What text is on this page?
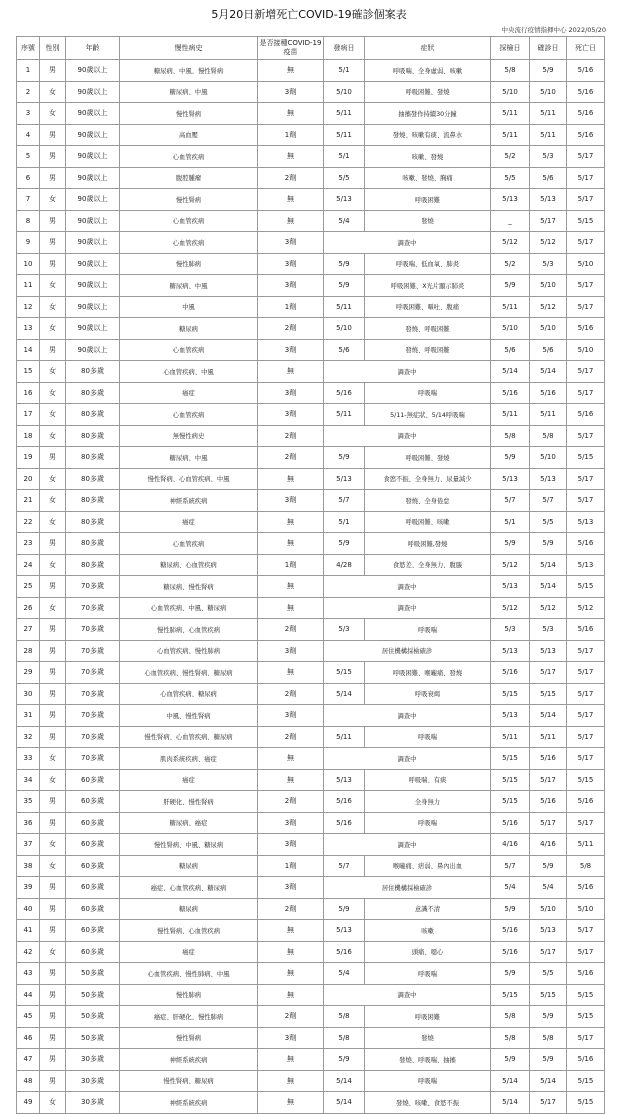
5月20日新增死亡COVID-19確診個案表
中央流行疫情指揮中心 2022/05/20
序號	性別	年齡	慢性病史	是否接種COVID-19疫苗	發病日	症狀	採檢日	確診日	死亡日
1	男	90歲以上	糖尿病、中風、慢性腎病	無	5/1	呼吸喘、全身虛弱、咳嗽	5/8	5/9	5/16
2	女	90歲以上	糖尿病、中風	3劑	5/10	呼吸困難、發燒	5/10	5/10	5/16
3	女	90歲以上	慢性腎病	無	5/11	抽搐發作持續30分鐘	5/11	5/11	5/16
4	男	90歲以上	高血壓	1劑	5/11	發燒、咳嗽有痰、流鼻水	5/11	5/11	5/16
5	男	90歲以上	心血管疾病	無	5/1	咳嗽、發燒	5/2	5/3	5/17
6	男	90歲以上	腹腔腫瘤	2劑	5/5	咳嗽、發燒、胸痛	5/5	5/6	5/17
7	女	90歲以上	慢性腎病	無	5/13	呼吸困難	5/13	5/13	5/17
8	男	90歲以上	心血管疾病	無	5/4	發燒	_	5/17	5/15
9	男	90歲以上	心血管疾病	3劑	調查中		5/12	5/12	5/17
10	男	90歲以上	慢性肺病	3劑	5/9	呼吸喘、低血氧、肺炎	5/2	5/3	5/10
11	女	90歲以上	糖尿病、中風	3劑	5/9	呼吸困難、X光片顯示肺炎	5/9	5/10	5/17
12	女	90歲以上	中風	1劑	5/11	呼吸困難、嘔吐、腹痛	5/11	5/12	5/17
13	女	90歲以上	糖尿病	2劑	5/10	發燒、呼吸困難	5/10	5/10	5/16
14	男	90歲以上	心血管疾病	3劑	5/6	發燒、呼吸困難	5/6	5/6	5/10
15	女	80多歲	心血管疾病、中風	無	調查中		5/14	5/14	5/17
16	女	80多歲	癌症	3劑	5/16	呼吸喘	5/16	5/16	5/17
17	女	80多歲	心血管疾病	3劑	5/11	5/11-無症狀、5/14呼吸喘	5/11	5/11	5/16
18	女	80多歲	無慢性病史	2劑	調查中		5/8	5/8	5/17
19	男	80多歲	糖尿病、中風	2劑	5/9	呼吸困難、發燒	5/9	5/10	5/15
20	女	80多歲	慢性腎病、心血管疾病、中風	無	5/13	食慾不振、全身無力、尿量減少	5/13	5/13	5/17
21	女	80多歲	神經系統疾病	3劑	5/7	發燒、全身倦怠	5/7	5/7	5/17
22	女	80多歲	癌症	無	5/1	呼吸困難、咳嗽	5/1	5/5	5/13
23	男	80多歲	心血管疾病	無	5/9	呼吸困難,發燒	5/9	5/9	5/16
24	女	80多歲	糖尿病、心血管疾病	1劑	4/28	食慾差、全身無力、腹脹	5/12	5/14	5/13
25	男	70多歲	糖尿病、慢性腎病	無	調查中		5/13	5/14	5/15
26	女	70多歲	心血管疾病、中風、糖尿病	無	調查中		5/12	5/12	5/12
27	男	70多歲	慢性肺病、心血管疾病	2劑	5/3	呼吸喘	5/3	5/3	5/16
28	男	70多歲	心血管疾病、慢性肺病	3劑	居住機構採檢確診		5/13	5/13	5/17
29	男	70多歲	心血管疾病、慢性腎病、糖尿病	無	5/15	呼吸困難、喉嚨痛、發燒	5/16	5/17	5/17
30	男	70多歲	心血管疾病、糖尿病	2劑	5/14	呼吸衰竭	5/15	5/15	5/17
31	男	70多歲	中風、慢性腎病	3劑	調查中		5/13	5/14	5/17
32	男	70多歲	慢性腎病、心血管疾病、糖尿病	2劑	5/11	呼吸喘	5/11	5/11	5/17
33	女	70多歲	肌肉系統疾病、癌症	無	調查中		5/15	5/16	5/17
34	女	60多歲	癌症	無	5/13	呼吸喘、有痰	5/15	5/17	5/15
35	男	60多歲	肝硬化、慢性腎病	2劑	5/16	全身無力	5/15	5/16	5/16
36	男	60多歲	糖尿病、癌症	3劑	5/16	呼吸喘	5/16	5/17	5/17
37	女	60多歲	慢性腎病、中風、糖尿病	3劑	調查中		4/16	4/16	5/11
38	女	60多歲	糖尿病	1劑	5/7	喉嚨痛、痞弱、鼻內出血	5/7	5/9	5/8
39	男	60多歲	癌症、心血管疾病、糖尿病	3劑	居住機構採檢確診		5/4	5/4	5/16
40	男	60多歲	糖尿病	2劑	5/9	意識不清	5/9	5/10	5/10
41	男	60多歲	慢性腎病、心血管疾病	無	5/13	咳嗽	5/16	5/13	5/17
42	女	60多歲	癌症	無	5/16	頭痛、噁心	5/16	5/17	5/17
43	男	50多歲	心血管疾病、慢性肺病、中風	無	5/4	呼吸喘	5/9	5/5	5/16
44	男	50多歲	慢性肺病	無	調查中		5/15	5/15	5/15
45	男	50多歲	癌症、肝硬化、慢性肺病	2劑	5/8	呼吸困難	5/8	5/9	5/15
46	男	50多歲	慢性腎病	3劑	5/8	發燒	5/8	5/8	5/17
47	男	30多歲	神經系統疾病	無	5/9	發燒、呼吸喘、抽搐	5/9	5/9	5/16
48	男	30多歲	慢性腎病、糖尿病	無	5/14	呼吸喘	5/14	5/14	5/15
49	女	30多歲	神經系統疾病	無	5/14	發燒、咳嗽、食慾不振	5/14	5/17	5/15
